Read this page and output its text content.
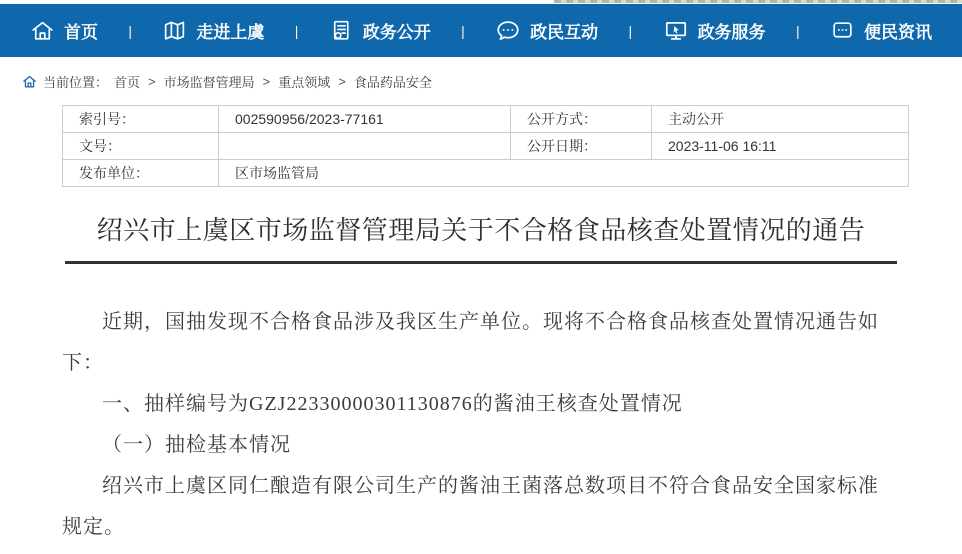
首页 |	走进上虞 |	政务公开 |	政民互动 |	政务服务 |	便民资讯
当前位置： 首页 > 市场监督管理局 > 重点领域 > 食品药品安全
索引号：	002590956/2023-77161	公开方式：	主动公开
文号：		公开日期：	2023-11-06 16:11
发布单位：	区市场监管局		
绍兴市上虞区市场监督管理局关于不合格食品核查处置情况的通告

近期，国抽发现不合格食品涉及我区生产单位。现将不合格食品核查处置情况通告如下：

一、抽样编号为GZJ22330000301130876的酱油王核查处置情况

（一）抽检基本情况

绍兴市上虞区同仁酿造有限公司生产的酱油王菌落总数项目不符合食品安全国家标准规定。
